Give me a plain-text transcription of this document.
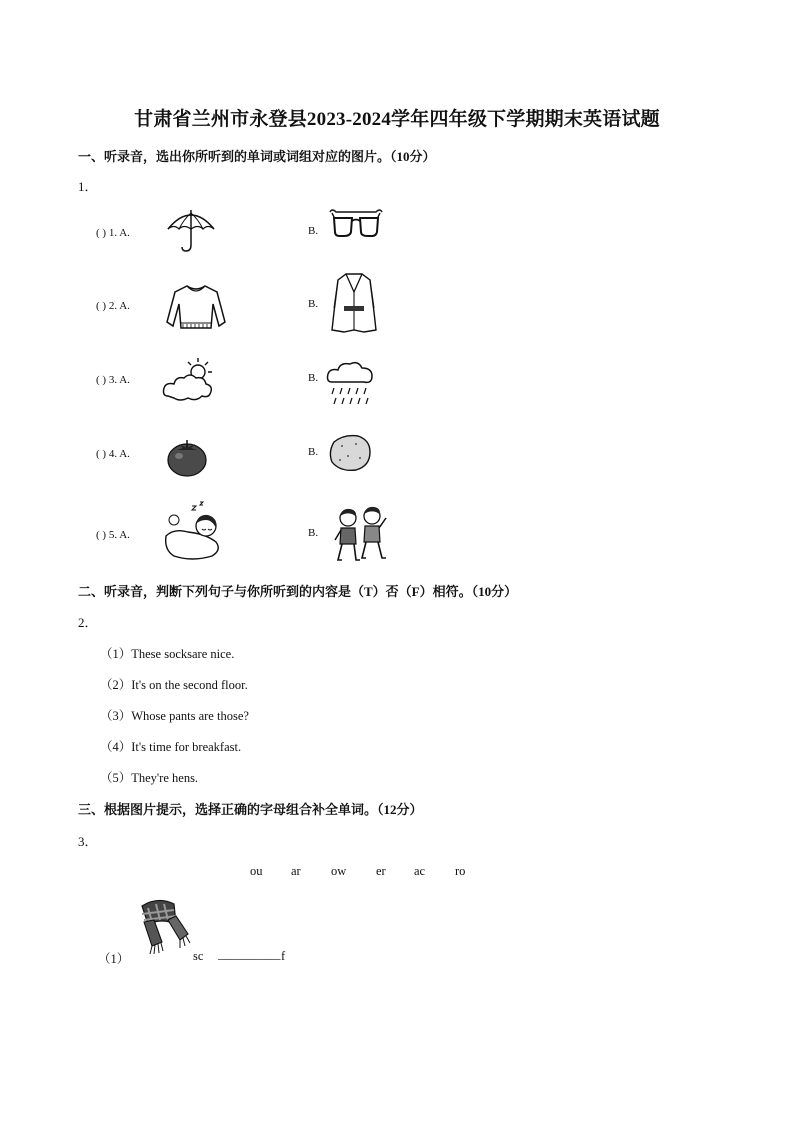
甘肃省兰州市永登县2023-2024学年四年级下学期期末英语试题
一、听录音，选出你所听到的单词或词组对应的图片。（10分）
1．
( ) 1. A.	B.
( ) 2. A.	B.
( ) 3. A.	B.
( ) 4. A.	B.
( ) 5. A.	B.
二、听录音，判断下列句子与你所听到的内容是（T）否（F）相符。（10分）
2．
（1）These socksare nice.
（2）It's on the second floor.
（3）Whose pants are those?
（4）It's time for breakfast.
（5）They're hens.
三、根据图片提示，选择正确的字母组合补全单词。（12分）
3．
ou ar ow er ac ro
（1）	sc __________ f
